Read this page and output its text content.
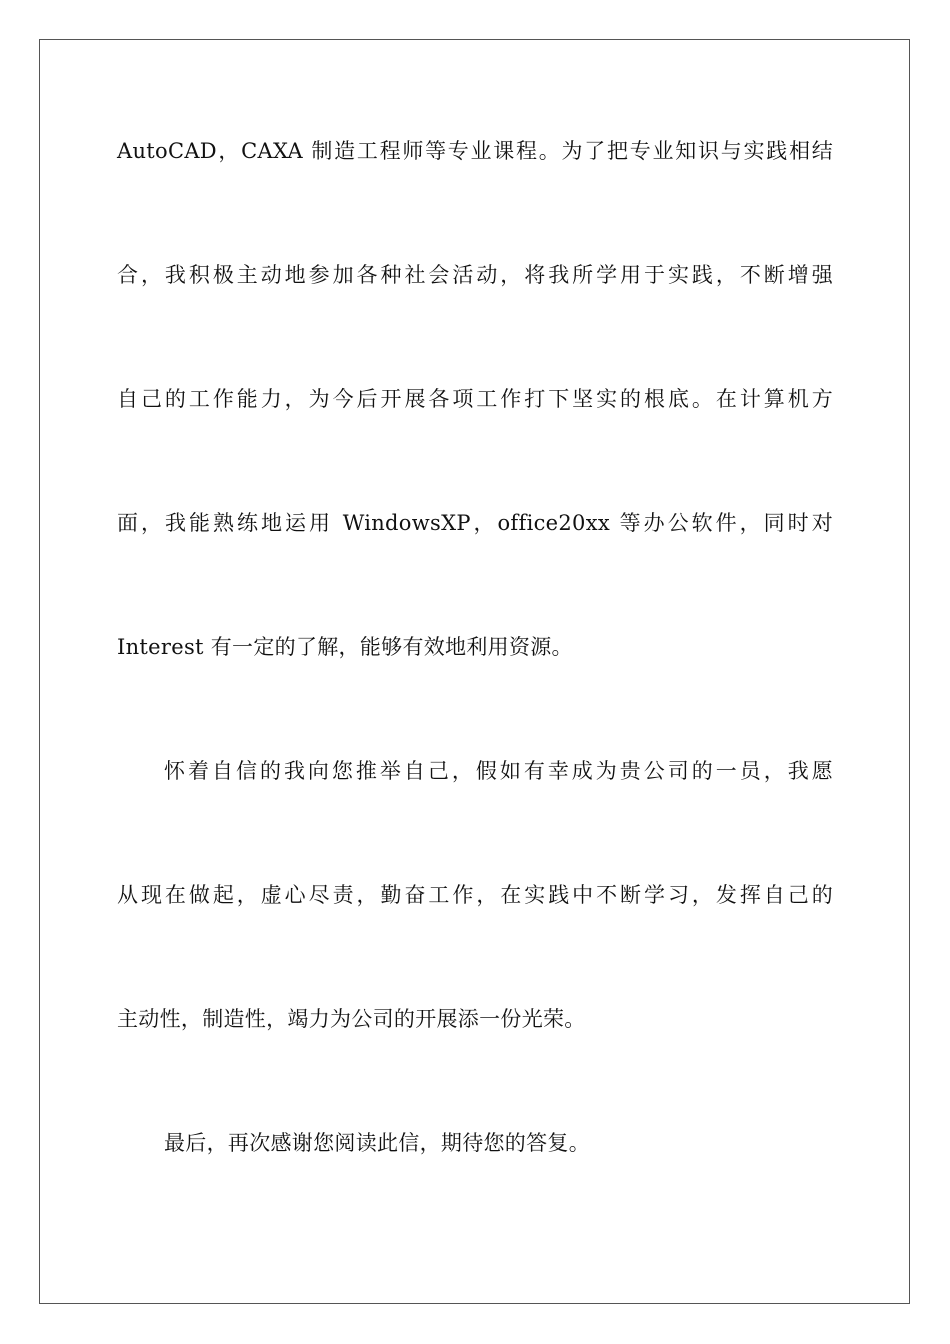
AutoCAD，CAXA 制造工程师等专业课程。为了把专业知识与实践相结
合，我积极主动地参加各种社会活动，将我所学用于实践，不断增强
自己的工作能力，为今后开展各项工作打下坚实的根底。在计算机方
面，我能熟练地运用 WindowsXP，office20xx 等办公软件，同时对
Interest 有一定的了解，能够有效地利用资源。
怀着自信的我向您推举自己，假如有幸成为贵公司的一员，我愿
从现在做起，虚心尽责，勤奋工作，在实践中不断学习，发挥自己的
主动性，制造性，竭力为公司的开展添一份光荣。
最后，再次感谢您阅读此信，期待您的答复。
